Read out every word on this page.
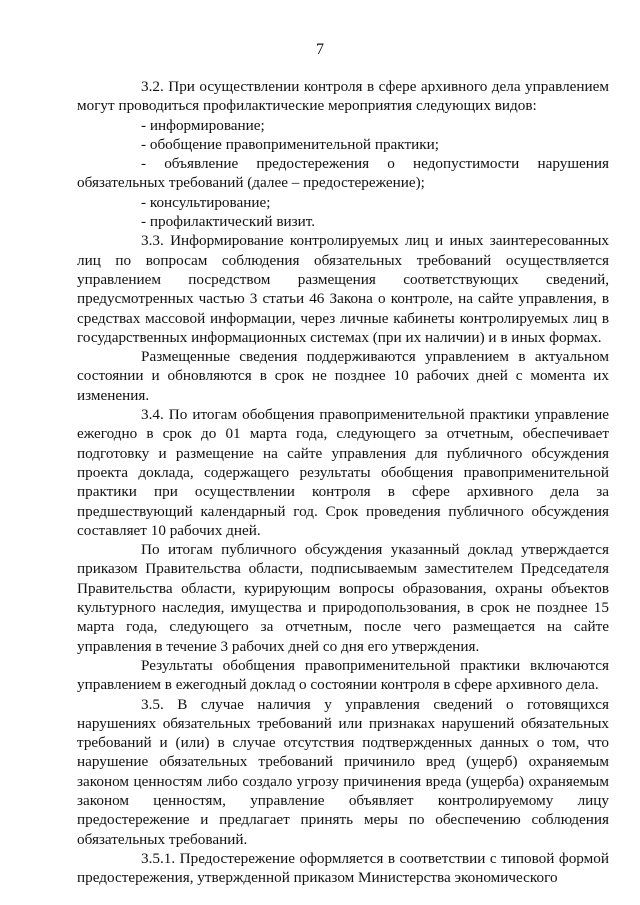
7

3.2. При осуществлении контроля в сфере архивного дела управлением могут проводиться профилактические мероприятия следующих видов:

- информирование;

- обобщение правоприменительной практики;

- объявление предостережения о недопустимости нарушения обязательных требований (далее – предостережение);

- консультирование;

- профилактический визит.

3.3. Информирование контролируемых лиц и иных заинтересованных лиц по вопросам соблюдения обязательных требований осуществляется управлением посредством размещения соответствующих сведений, предусмотренных частью 3 статьи 46 Закона о контроле, на сайте управления, в средствах массовой информации, через личные кабинеты контролируемых лиц в государственных информационных системах (при их наличии) и в иных формах.

Размещенные сведения поддерживаются управлением в актуальном состоянии и обновляются в срок не позднее 10 рабочих дней с момента их изменения.

3.4. По итогам обобщения правоприменительной практики управление ежегодно в срок до 01 марта года, следующего за отчетным, обеспечивает подготовку и размещение на сайте управления для публичного обсуждения проекта доклада, содержащего результаты обобщения правоприменительной практики при осуществлении контроля в сфере архивного дела за предшествующий календарный год. Срок проведения публичного обсуждения составляет 10 рабочих дней.

По итогам публичного обсуждения указанный доклад утверждается приказом Правительства области, подписываемым заместителем Председателя Правительства области, курирующим вопросы образования, охраны объектов культурного наследия, имущества и природопользования, в срок не позднее 15 марта года, следующего за отчетным, после чего размещается на сайте управления в течение 3 рабочих дней со дня его утверждения.

Результаты обобщения правоприменительной практики включаются управлением в ежегодный доклад о состоянии контроля в сфере архивного дела.

3.5. В случае наличия у управления сведений о готовящихся нарушениях обязательных требований или признаках нарушений обязательных требований и (или) в случае отсутствия подтвержденных данных о том, что нарушение обязательных требований причинило вред (ущерб) охраняемым законом ценностям либо создало угрозу причинения вреда (ущерба) охраняемым законом ценностям, управление объявляет контролируемому лицу предостережение и предлагает принять меры по обеспечению соблюдения обязательных требований.

3.5.1. Предостережение оформляется в соответствии с типовой формой предостережения, утвержденной приказом Министерства экономического
